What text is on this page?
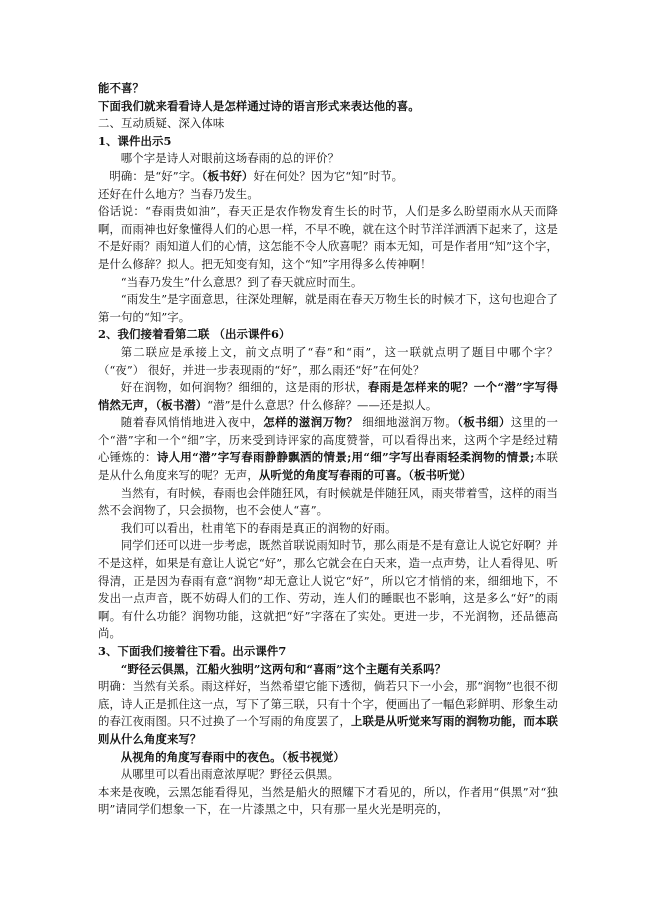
能不喜？

下面我们就来看看诗人是怎样通过诗的语言形式来表达他的喜。

二、互动质疑、深入体味

1、课件出示5

哪个字是诗人对眼前这场春雨的总的评价？

明确：是“好”字。（板书好）好在何处？因为它“知”时节。

还好在什么地方？当春乃发生。

俗话说：“春雨贵如油”，春天正是农作物发育生长的时节，人们是多么盼望雨水从天而降啊，而雨神也好象懂得人们的心思一样，不早不晚，就在这个时节洋洋洒洒下起来了，这是不是好雨？雨知道人们的心情，这怎能不令人欣喜呢？雨本无知，可是作者用“知”这个字，是什么修辞？拟人。把无知变有知，这个“知”字用得多么传神啊！

“当春乃发生”什么意思？到了春天就应时而生。

“雨发生”是字面意思，往深处理解，就是雨在春天万物生长的时候才下，这句也迎合了第一句的“知”字。

2、我们接着看第二联 （出示课件6）

第二联应是承接上文，前文点明了“春”和“雨”，这一联就点明了题目中哪个字？（“夜”） 很好，并进一步表现雨的“好”，那么雨还“好”在何处？

好在润物，如何润物？细细的，这是雨的形状，春雨是怎样来的呢？一个“潜”字写得悄然无声，（板书潜）“潜”是什么意思？什么修辞？——还是拟人。

随着春风悄悄地进入夜中，怎样的滋润万物？ 细细地滋润万物。（板书细）这里的一个“潜”字和一个“细”字，历来受到诗评家的高度赞誉，可以看得出来，这两个字是经过精心锤炼的：诗人用“潜”字写春雨静静飘洒的情景;用“细”字写出春雨轻柔润物的情景;本联是从什么角度来写的呢？无声，从听觉的角度写春雨的可喜。（板书听觉）

当然有，有时候，春雨也会伴随狂风，有时候就是伴随狂风，雨夹带着雪，这样的雨当然不会润物了，只会损物，也不会使人“喜”。

我们可以看出，杜甫笔下的春雨是真正的润物的好雨。

同学们还可以进一步考虑，既然首联说雨知时节，那么雨是不是有意让人说它好啊？并不是这样，如果是有意让人说它“好”，那么它就会在白天来，造一点声势，让人看得见、听得清，正是因为春雨有意“润物”却无意让人说它“好”，所以它才悄悄的来，细细地下，不发出一点声音，既不妨碍人们的工作、劳动，连人们的睡眠也不影响，这是多么“好”的雨啊。有什么功能？润物功能，这就把“好”字落在了实处。更进一步，不光润物，还品德高尚。

3、下面我们接着往下看。出示课件7

“野径云俱黑，江船火独明”这两句和“喜雨”这个主题有关系吗？

明确：当然有关系。雨这样好，当然希望它能下透彻，倘若只下一小会，那“润物”也很不彻底，诗人正是抓住这一点，写下了第三联，只有十个字，便画出了一幅色彩鲜明、形象生动的春江夜雨图。只不过换了一个写雨的角度罢了，上联是从听觉来写雨的润物功能，而本联则从什么角度来写？

从视角的角度写春雨中的夜色。（板书视觉）

从哪里可以看出雨意浓厚呢？野径云俱黑。

本来是夜晚，云黑怎能看得见，当然是船火的照耀下才看见的，所以，作者用“俱黑”对“独明”请同学们想象一下，在一片漆黑之中，只有那一星火光是明亮的，
